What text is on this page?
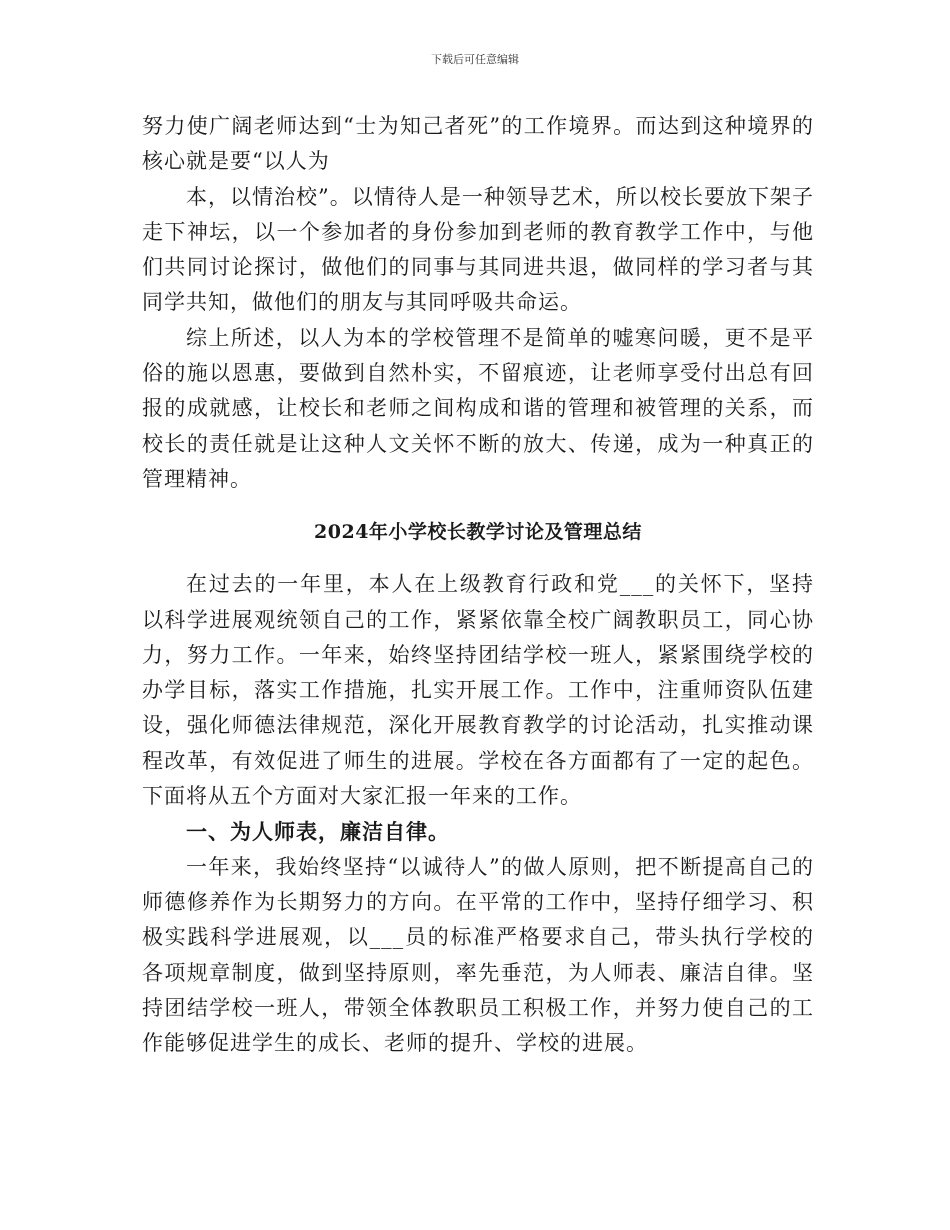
下载后可任意编辑

努力使广阔老师达到“士为知己者死”的工作境界。而达到这种境界的核心就是要“以人为

本，以情治校”。以情待人是一种领导艺术，所以校长要放下架子走下神坛，以一个参加者的身份参加到老师的教育教学工作中，与他们共同讨论探讨，做他们的同事与其同进共退，做同样的学习者与其同学共知，做他们的朋友与其同呼吸共命运。

综上所述，以人为本的学校管理不是简单的嘘寒问暖，更不是平俗的施以恩惠，要做到自然朴实，不留痕迹，让老师享受付出总有回报的成就感，让校长和老师之间构成和谐的管理和被管理的关系，而校长的责任就是让这种人文关怀不断的放大、传递，成为一种真正的管理精神。

2024年小学校长教学讨论及管理总结

在过去的一年里，本人在上级教育行政和党___的关怀下，坚持以科学进展观统领自己的工作，紧紧依靠全校广阔教职员工，同心协力，努力工作。一年来，始终坚持团结学校一班人，紧紧围绕学校的办学目标，落实工作措施，扎实开展工作。工作中，注重师资队伍建设，强化师德法律规范，深化开展教育教学的讨论活动，扎实推动课程改革，有效促进了师生的进展。学校在各方面都有了一定的起色。下面将从五个方面对大家汇报一年来的工作。

一、为人师表，廉洁自律。

一年来，我始终坚持“以诚待人”的做人原则，把不断提高自己的师德修养作为长期努力的方向。在平常的工作中，坚持仔细学习、积极实践科学进展观，以___员的标准严格要求自己，带头执行学校的各项规章制度，做到坚持原则，率先垂范，为人师表、廉洁自律。坚持团结学校一班人，带领全体教职员工积极工作，并努力使自己的工作能够促进学生的成长、老师的提升、学校的进展。
